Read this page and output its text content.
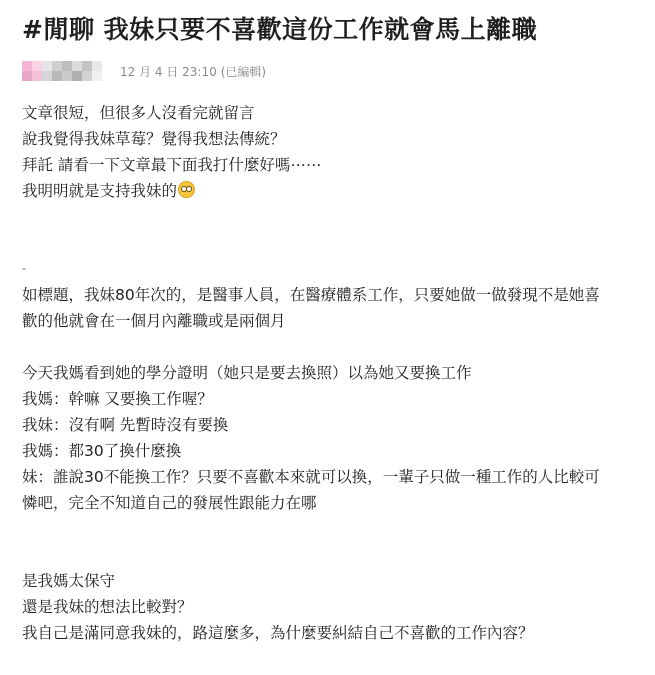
#閒聊 我妹只要不喜歡這份工作就會馬上離職
12 月 4 日 23:10 (已編輯)
文章很短，但很多人沒看完就留言
說我覺得我妹草莓？覺得我想法傳統？
拜託 請看一下文章最下面我打什麼好嗎⋯⋯
我明明就是支持我妹的
-
如標題，我妹80年次的，是醫事人員，在醫療體系工作，只要她做一做發現不是她喜
歡的他就會在一個月內離職或是兩個月
今天我媽看到她的學分證明（她只是要去換照）以為她又要換工作
我媽：幹嘛 又要換工作喔？
我妹：沒有啊 先暫時沒有要換
我媽：都30了換什麼換
妹：誰說30不能換工作？只要不喜歡本來就可以換，一輩子只做一種工作的人比較可
憐吧，完全不知道自己的發展性跟能力在哪
是我媽太保守
還是我妹的想法比較對？
我自己是滿同意我妹的，路這麼多，為什麼要糾結自己不喜歡的工作內容？
